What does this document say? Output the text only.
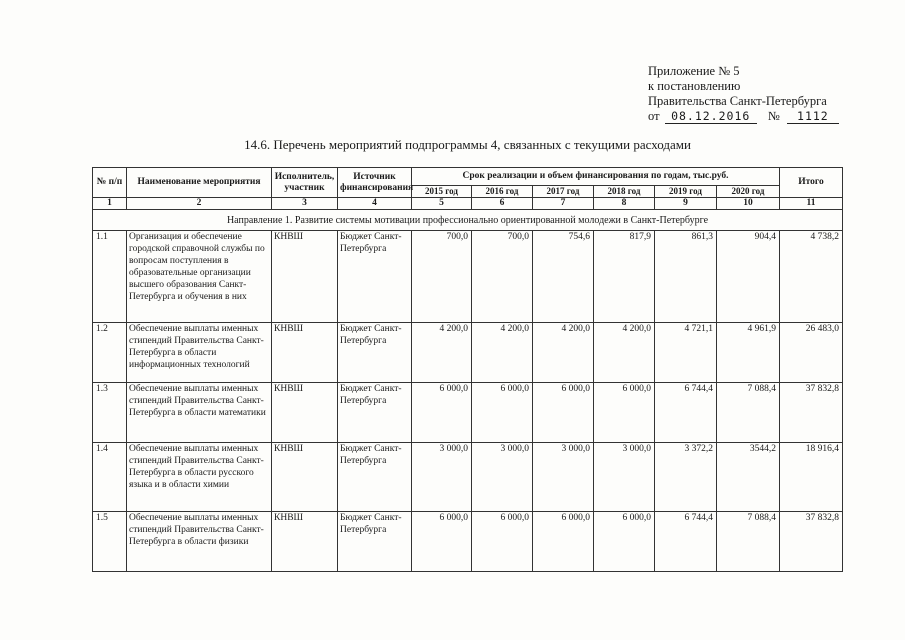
Приложение № 5
к постановлению
Правительства Санкт-Петербурга
от 08.12.2016 № 1112
14.6. Перечень мероприятий подпрограммы 4, связанных с текущими расходами
№ п/п	Наименование мероприятия	Исполнитель, участник	Источник финансирования	Срок реализации и объем финансирования по годам, тыс.руб.						Итого
				2015 год	2016 год	2017 год	2018 год	2019 год	2020 год	
1	2	3	4	5	6	7	8	9	10	11
Направление 1. Развитие системы мотивации профессионально ориентированной молодежи в Санкт-Петербурге										
1.1	Организация и обеспечение городской справочной службы по вопросам поступления в образовательные организации высшего образования Санкт-Петербурга и обучения в них	КНВШ	Бюджет Санкт-Петербурга	700,0	700,0	754,6	817,9	861,3	904,4	4 738,2
1.2	Обеспечение выплаты именных стипендий Правительства Санкт-Петербурга в области информационных технологий	КНВШ	Бюджет Санкт-Петербурга	4 200,0	4 200,0	4 200,0	4 200,0	4 721,1	4 961,9	26 483,0
1.3	Обеспечение выплаты именных стипендий Правительства Санкт-Петербурга в области математики	КНВШ	Бюджет Санкт-Петербурга	6 000,0	6 000,0	6 000,0	6 000,0	6 744,4	7 088,4	37 832,8
1.4	Обеспечение выплаты именных стипендий Правительства Санкт-Петербурга в области русского языка и в области химии	КНВШ	Бюджет Санкт-Петербурга	3 000,0	3 000,0	3 000,0	3 000,0	3 372,2	3544,2	18 916,4
1.5	Обеспечение выплаты именных стипендий Правительства Санкт-Петербурга в области физики	КНВШ	Бюджет Санкт-Петербурга	6 000,0	6 000,0	6 000,0	6 000,0	6 744,4	7 088,4	37 832,8
